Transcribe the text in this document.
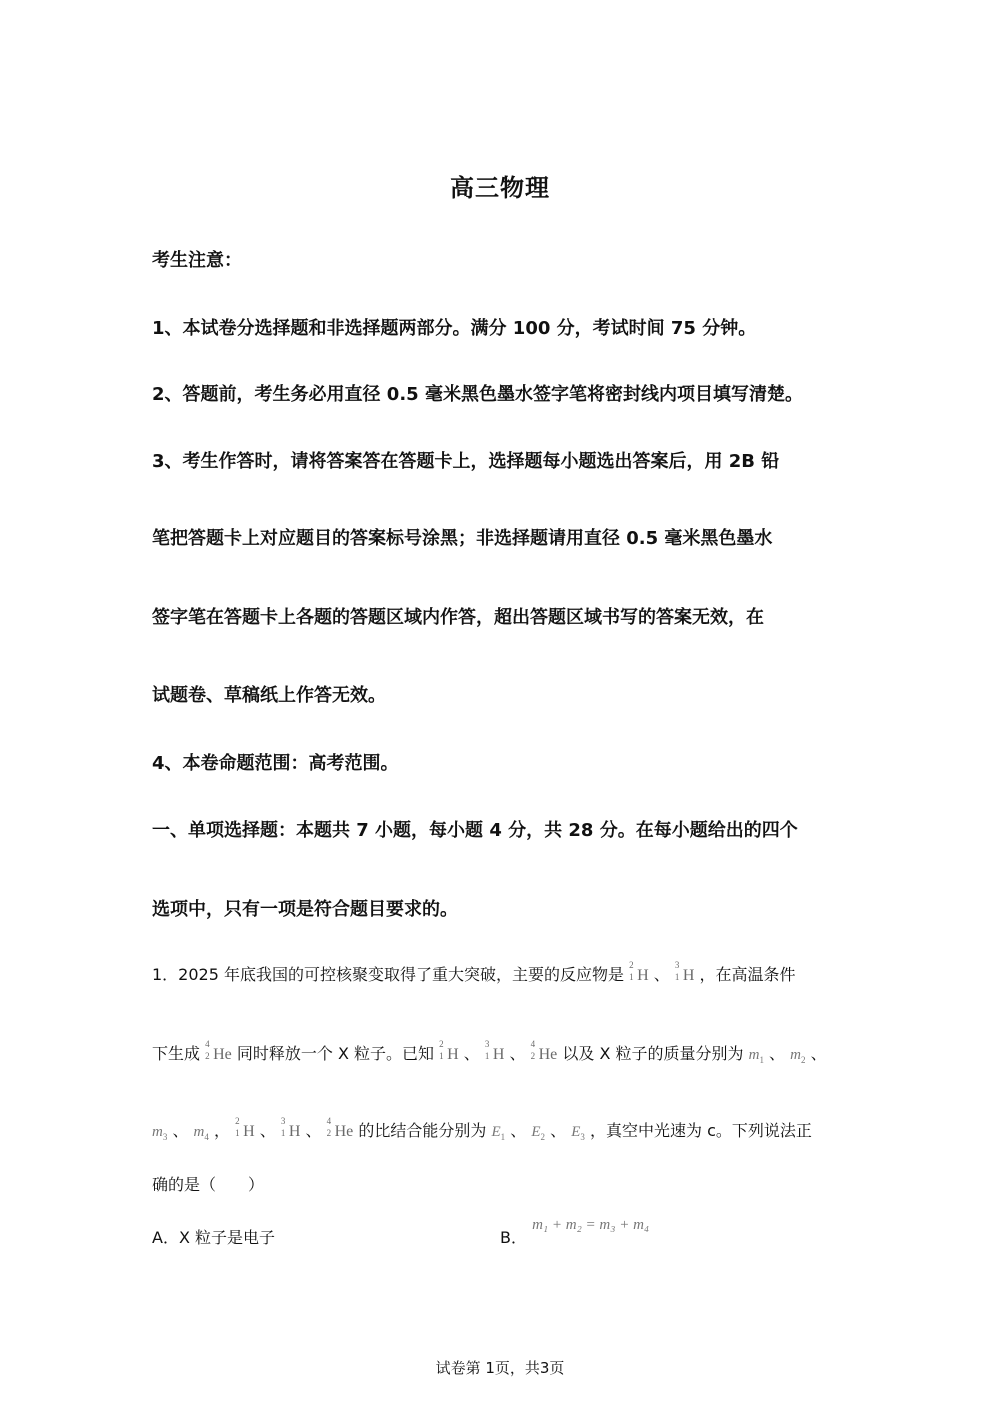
高三物理
考生注意：
1、本试卷分选择题和非选择题两部分。满分 100 分，考试时间 75 分钟。
2、答题前，考生务必用直径 0.5 毫米黑色墨水签字笔将密封线内项目填写清楚。
3、考生作答时，请将答案答在答题卡上，选择题每小题选出答案后，用 2B 铅
笔把答题卡上对应题目的答案标号涂黑；非选择题请用直径 0.5 毫米黑色墨水
签字笔在答题卡上各题的答题区域内作答，超出答题区域书写的答案无效，在
试题卷、草稿纸上作答无效。
4、本卷命题范围：高考范围。
一、单项选择题：本题共 7 小题，每小题 4 分，共 28 分。在每小题给出的四个
选项中，只有一项是符合题目要求的。
1．2025 年底我国的可控核聚变取得了重大突破，主要的反应物是 2
1 H 、 3
1 H ，在高温条件
下生成 4
2 He 同时释放一个 X 粒子。已知 2
1 H 、 3
1 H 、 4
2 He 以及 X 粒子的质量分别为 $m_1$ 、 $m_2$ 、
$m_3$ 、 $m_4$ ， 2
1 H 、 3
1 H 、 4
2 He 的比结合能分别为 $E_1$ 、 $E_2$ 、 $E_3$ ，真空中光速为 c。下列说法正
确的是（　　）
A．X 粒子是电子	B． m₁ + m₂ = m₃ + m₄
试卷第 1页，共3页
